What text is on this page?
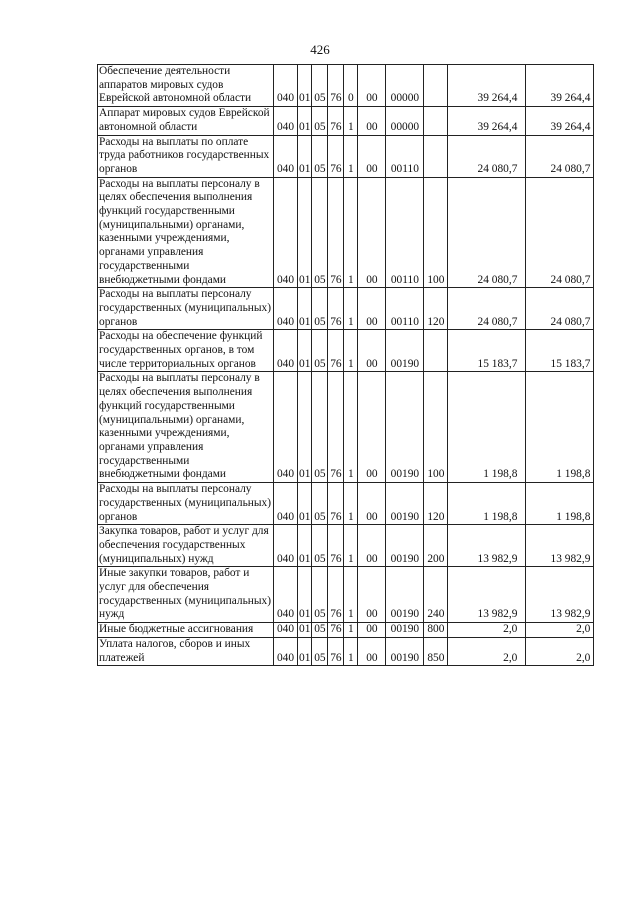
426
Обеспечение деятельности аппаратов мировых судов Еврейской автономной области	040	01	05	76	0	00	00000		39 264,4	39 264,4
Аппарат мировых судов Еврейской автономной области	040	01	05	76	1	00	00000		39 264,4	39 264,4
Расходы на выплаты по оплате труда работников государственных органов	040	01	05	76	1	00	00110		24 080,7	24 080,7
Расходы на выплаты персоналу в целях обеспечения выполнения функций государственными (муниципальными) органами, казенными учреждениями, органами управления государственными внебюджетными фондами	040	01	05	76	1	00	00110	100	24 080,7	24 080,7
Расходы на выплаты персоналу государственных (муниципальных) органов	040	01	05	76	1	00	00110	120	24 080,7	24 080,7
Расходы на обеспечение функций государственных органов, в том числе территориальных органов	040	01	05	76	1	00	00190		15 183,7	15 183,7
Расходы на выплаты персоналу в целях обеспечения выполнения функций государственными (муниципальными) органами, казенными учреждениями, органами управления государственными внебюджетными фондами	040	01	05	76	1	00	00190	100	1 198,8	1 198,8
Расходы на выплаты персоналу государственных (муниципальных) органов	040	01	05	76	1	00	00190	120	1 198,8	1 198,8
Закупка товаров, работ и услуг для обеспечения государственных (муниципальных) нужд	040	01	05	76	1	00	00190	200	13 982,9	13 982,9
Иные закупки товаров, работ и услуг для обеспечения государственных (муниципальных) нужд	040	01	05	76	1	00	00190	240	13 982,9	13 982,9
Иные бюджетные ассигнования	040	01	05	76	1	00	00190	800	2,0	2,0
Уплата налогов, сборов и иных платежей	040	01	05	76	1	00	00190	850	2,0	2,0
